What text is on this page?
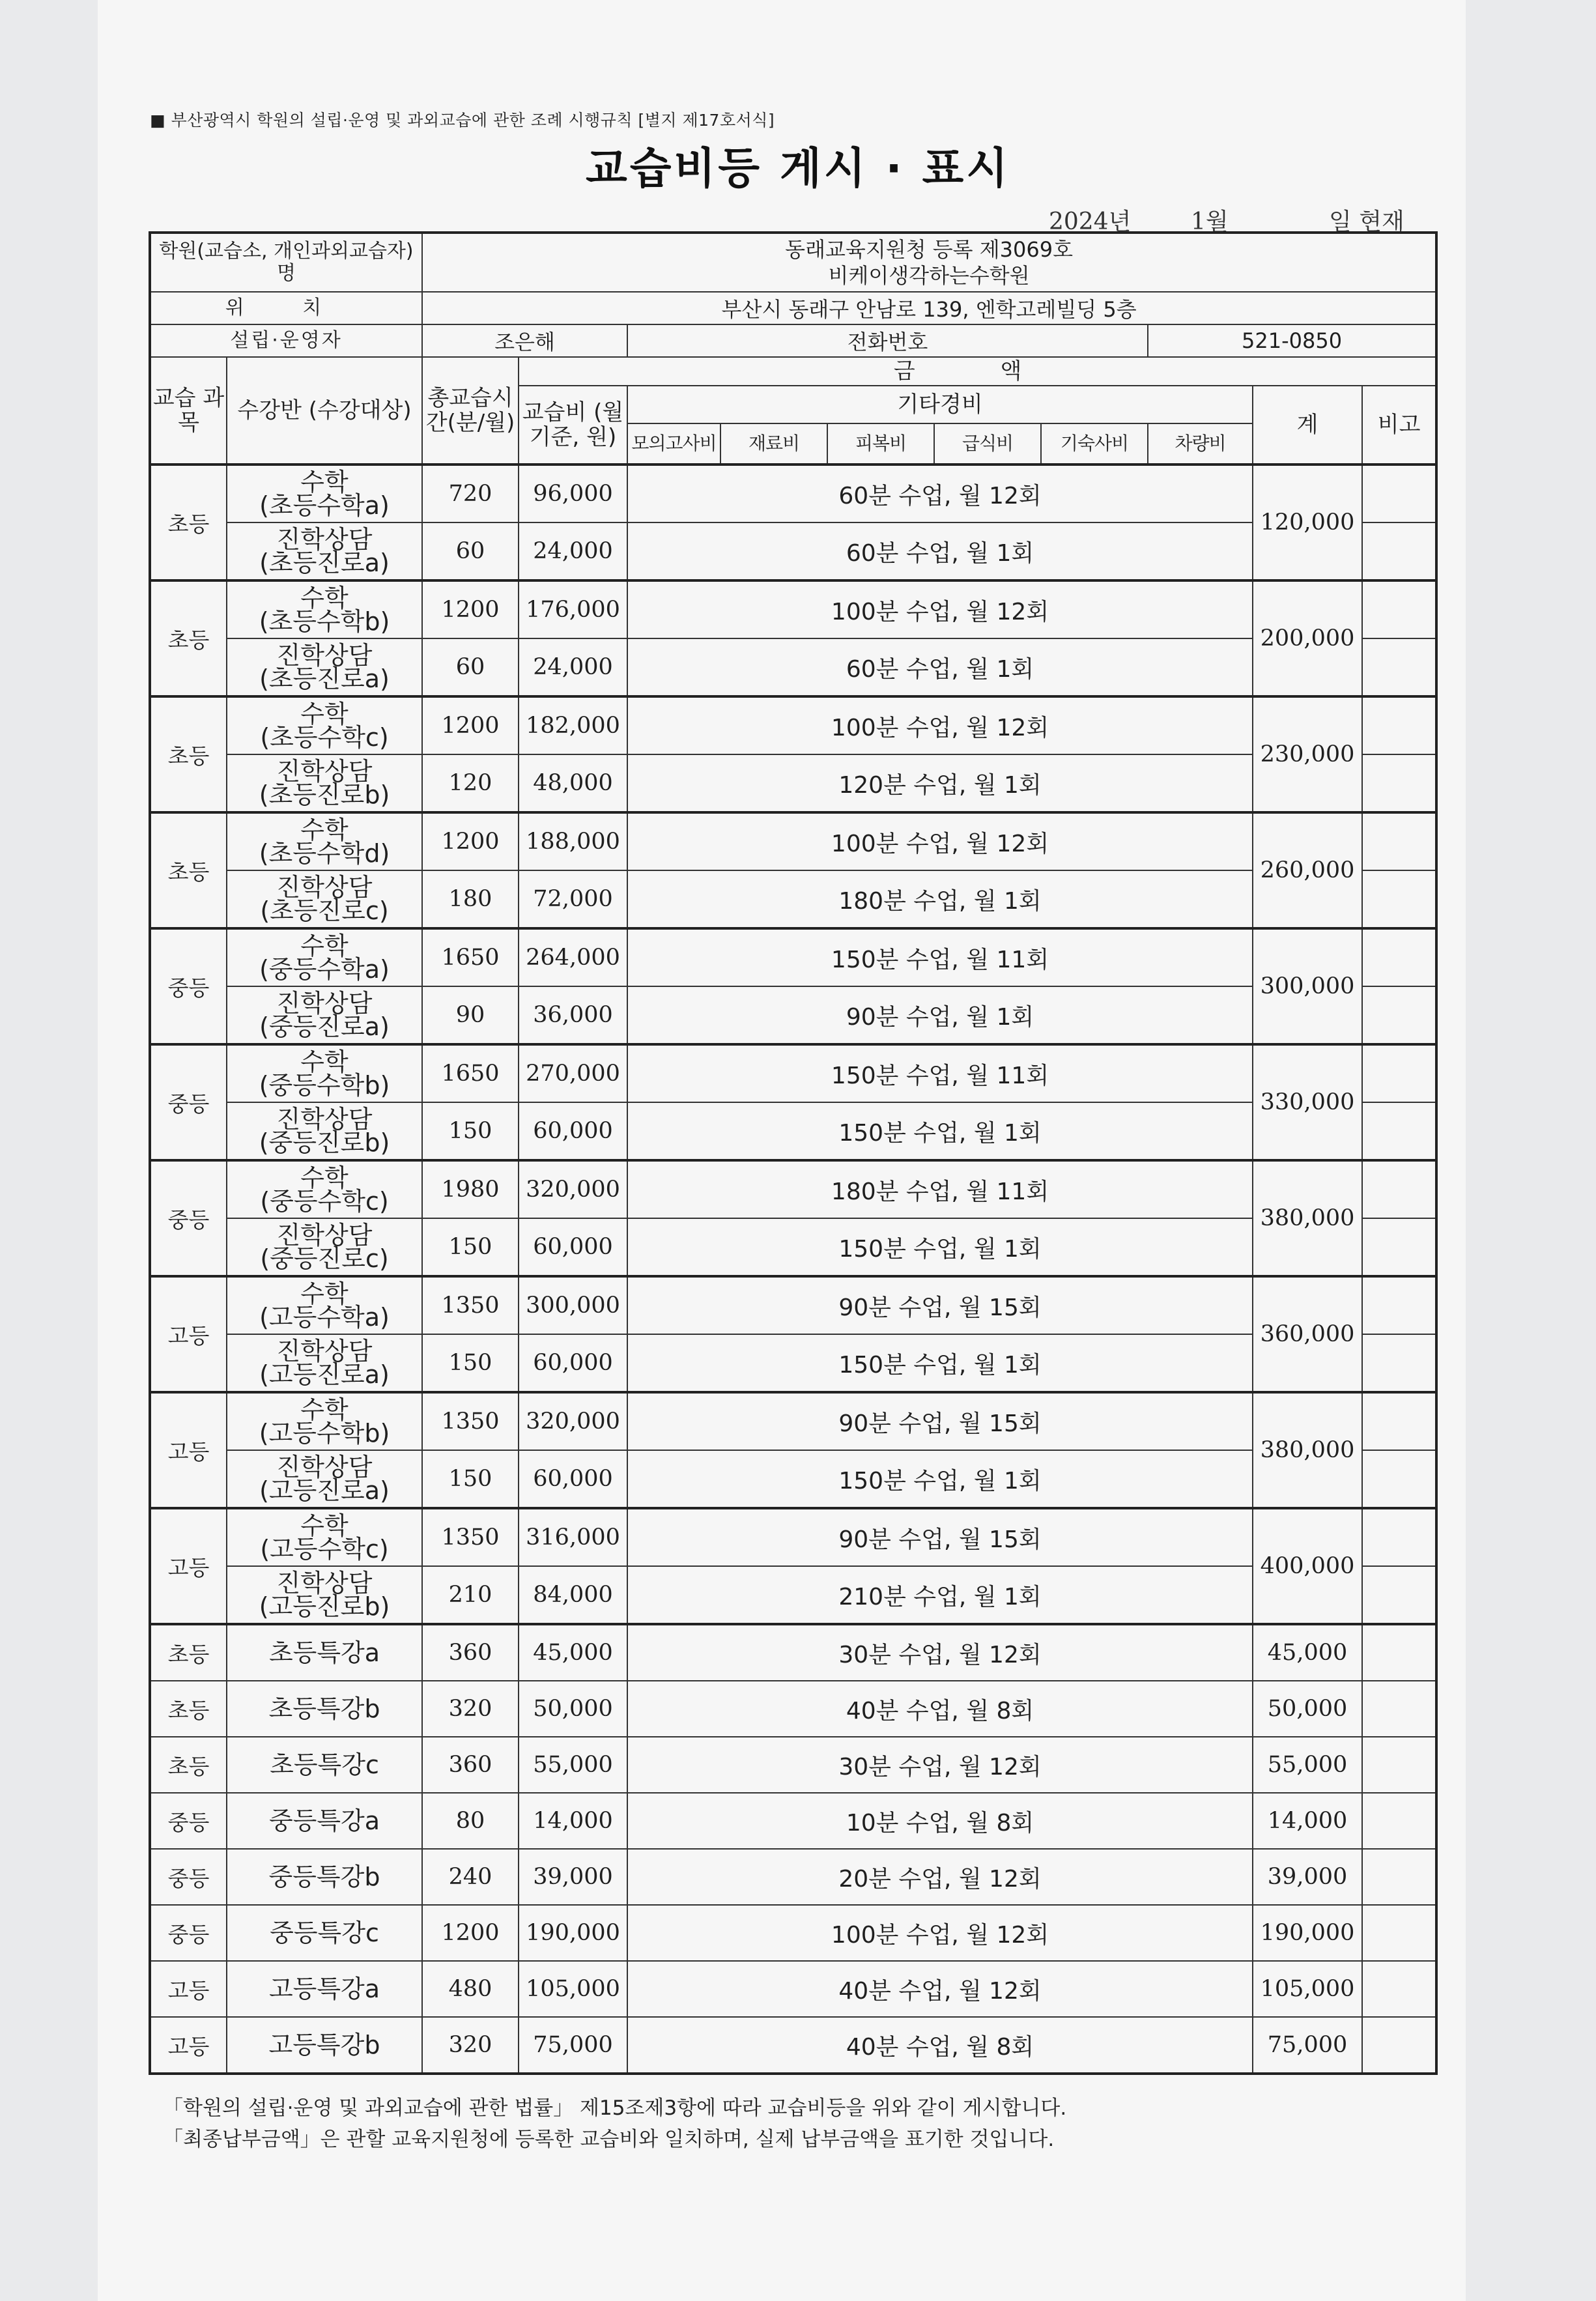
■ 부산광역시 학원의 설립·운영 및 과외교습에 관한 조례 시행규칙 [별지 제17호서식]
교습비등 게시 · 표시
2024년	1월	일 현재
학원(교습소, 개인과외교습자)명		동래교육지원청 등록 제3069호
비케이생각하는수학원									

위 치		부산시 동래구 안남로 139, 엔학고레빌딩 5층									
설립·운영자		조은해		전화번호					521-0850		
교습 과목	수강반 (수강대상)	총교습시간(분/월)	금 액								
			교습비 (월기준, 원)	기타경비						계	비고
				모의고사비	재료비	피복비	급식비	기숙사비	차량비		
초등	수학
(초등수학a)	720	96,000	60분 수업, 월 12회						120,000	

	진학상담
(초등진로a)	60	24,000	60분 수업, 월 1회							
초등	수학
(초등수학b)	1200	176,000	100분 수업, 월 12회						200,000	

	진학상담
(초등진로a)	60	24,000	60분 수업, 월 1회							
초등	수학
(초등수학c)	1200	182,000	100분 수업, 월 12회						230,000	

	진학상담
(초등진로b)	120	48,000	120분 수업, 월 1회							
초등	수학
(초등수학d)	1200	188,000	100분 수업, 월 12회						260,000	

	진학상담
(초등진로c)	180	72,000	180분 수업, 월 1회							
중등	수학
(중등수학a)	1650	264,000	150분 수업, 월 11회						300,000	

	진학상담
(중등진로a)	90	36,000	90분 수업, 월 1회							
중등	수학
(중등수학b)	1650	270,000	150분 수업, 월 11회						330,000	

	진학상담
(중등진로b)	150	60,000	150분 수업, 월 1회							
중등	수학
(중등수학c)	1980	320,000	180분 수업, 월 11회						380,000	

	진학상담
(중등진로c)	150	60,000	150분 수업, 월 1회							
고등	수학
(고등수학a)	1350	300,000	90분 수업, 월 15회						360,000	

	진학상담
(고등진로a)	150	60,000	150분 수업, 월 1회							
고등	수학
(고등수학b)	1350	320,000	90분 수업, 월 15회						380,000	

	진학상담
(고등진로a)	150	60,000	150분 수업, 월 1회							
고등	수학
(고등수학c)	1350	316,000	90분 수업, 월 15회						400,000	

	진학상담
(고등진로b)	210	84,000	210분 수업, 월 1회							
초등	초등특강a	360	45,000	30분 수업, 월 12회						45,000	
초등	초등특강b	320	50,000	40분 수업, 월 8회						50,000	
초등	초등특강c	360	55,000	30분 수업, 월 12회						55,000	
중등	중등특강a	80	14,000	10분 수업, 월 8회						14,000	
중등	중등특강b	240	39,000	20분 수업, 월 12회						39,000	
중등	중등특강c	1200	190,000	100분 수업, 월 12회						190,000	
고등	고등특강a	480	105,000	40분 수업, 월 12회						105,000	
고등	고등특강b	320	75,000	40분 수업, 월 8회						75,000	
「학원의 설립·운영 및 과외교습에 관한 법률」 제15조제3항에 따라 교습비등을 위와 같이 게시합니다.
「최종납부금액」은 관할 교육지원청에 등록한 교습비와 일치하며, 실제 납부금액을 표기한 것입니다.
